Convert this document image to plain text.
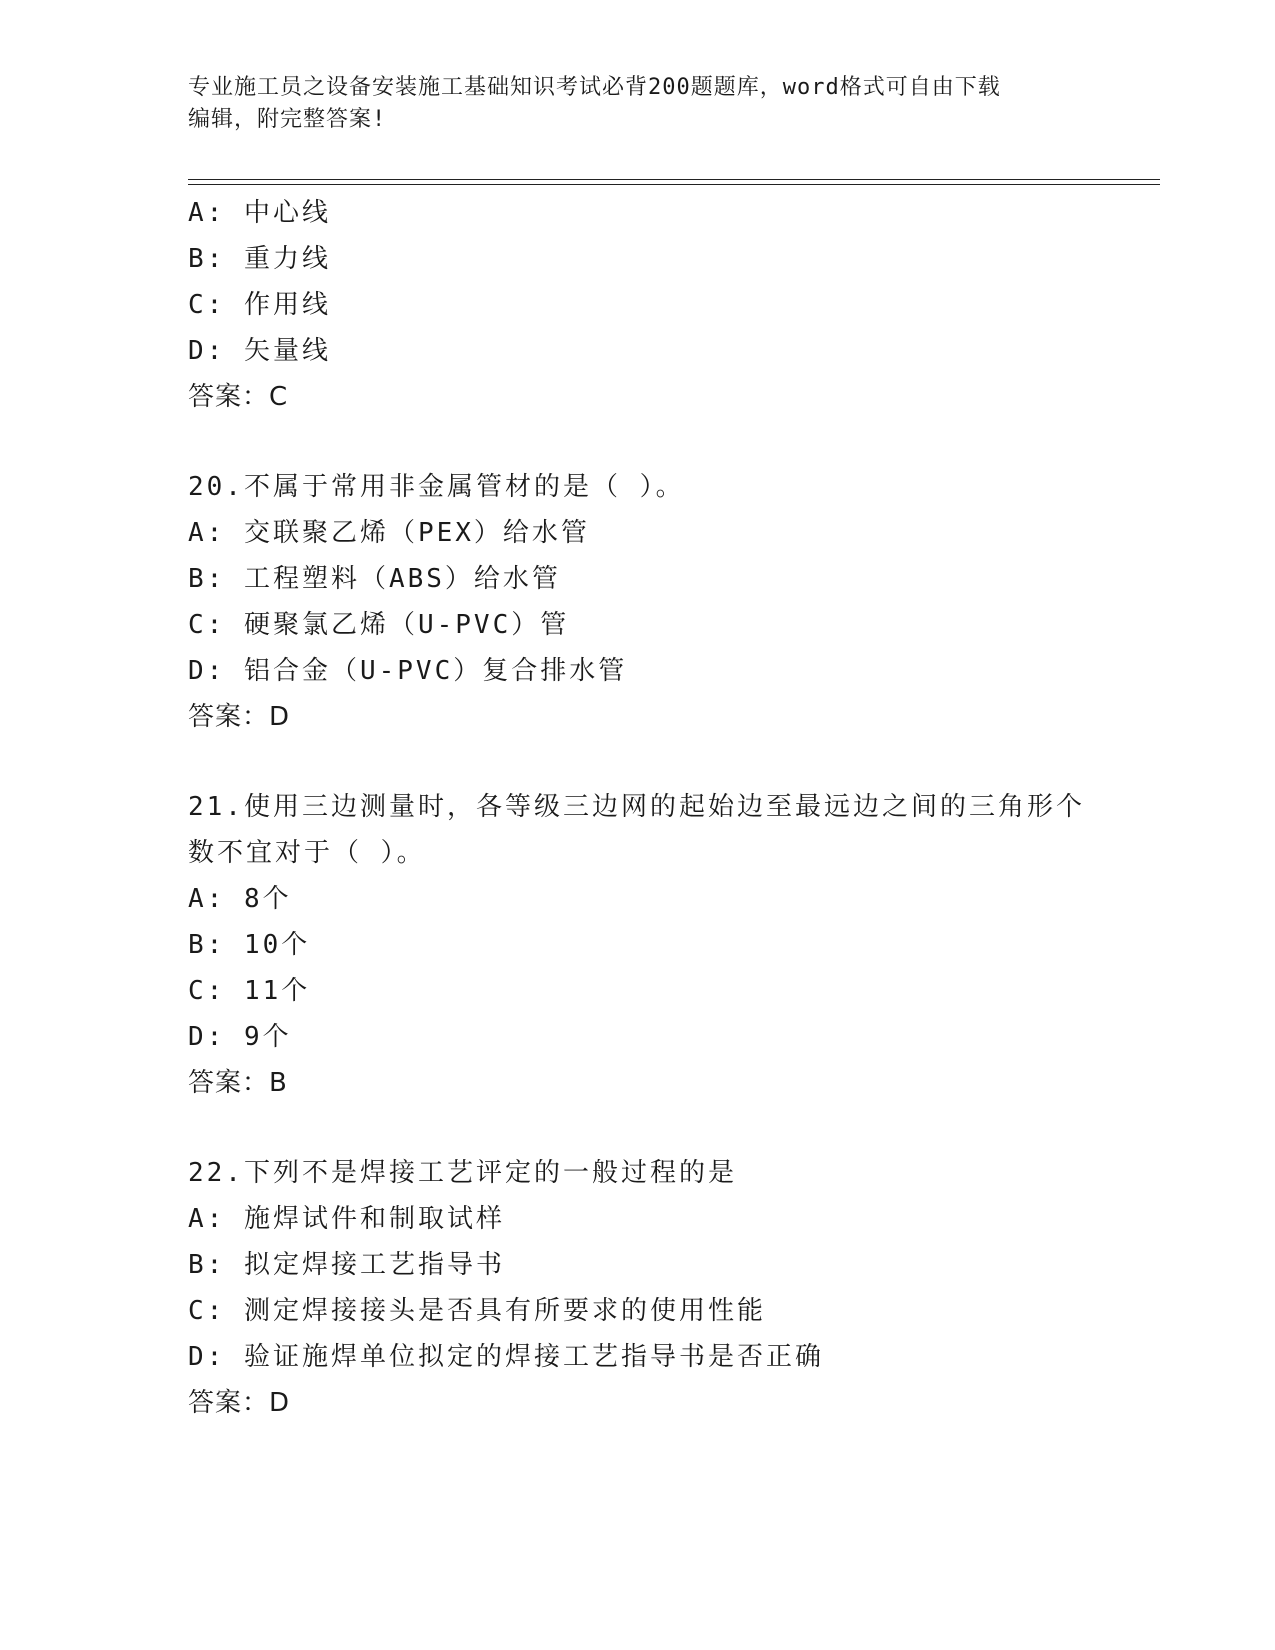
专业施工员之设备安装施工基础知识考试必背200题题库，word格式可自由下载
编辑，附完整答案!
A: 中心线
B: 重力线
C: 作用线
D: 矢量线
答案：C
20.不属于常用非金属管材的是（ ）。
A: 交联聚乙烯（PEX）给水管
B: 工程塑料（ABS）给水管
C: 硬聚氯乙烯（U-PVC）管
D: 铝合金（U-PVC）复合排水管
答案：D
21.使用三边测量时，各等级三边网的起始边至最远边之间的三角形个
数不宜对于（ ）。
A: 8个
B: 10个
C: 11个
D: 9个
答案：B
22.下列不是焊接工艺评定的一般过程的是
A: 施焊试件和制取试样
B: 拟定焊接工艺指导书
C: 测定焊接接头是否具有所要求的使用性能
D: 验证施焊单位拟定的焊接工艺指导书是否正确
答案：D
